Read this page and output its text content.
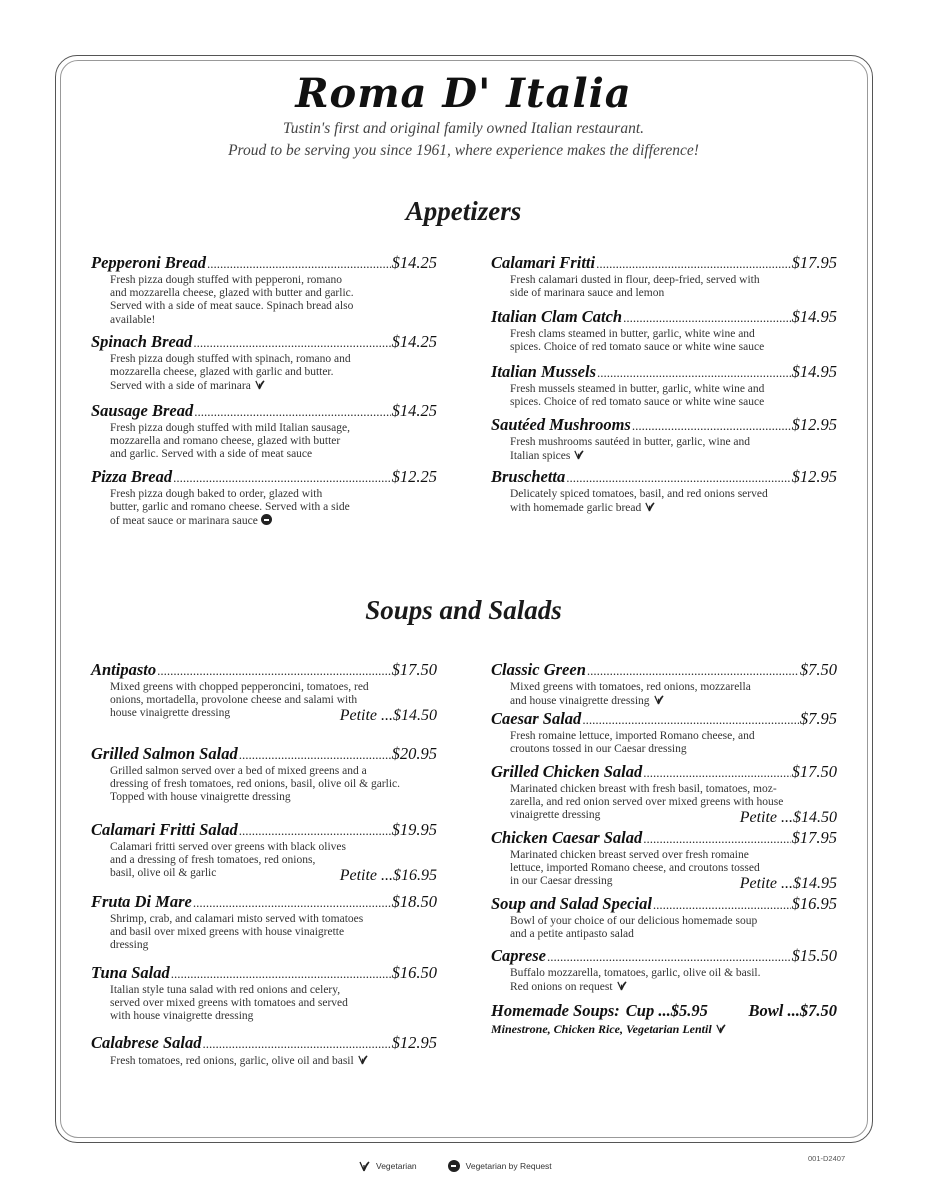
Roma D' Italia
Tustin's first and original family owned Italian restaurant.
Proud to be serving you since 1961, where experience makes the difference!
Appetizers
Pepperoni Bread .....	$14.25
Fresh pizza dough stuffed with pepperoni, romano
and mozzarella cheese, glazed with butter and garlic.
Served with a side of meat sauce. Spinach bread also
available!
Spinach Bread .....	$14.25
Fresh pizza dough stuffed with spinach, romano and
mozzarella cheese, glazed with garlic and butter.
Served with a side of marinara
Sausage Bread .....	$14.25
Fresh pizza dough stuffed with mild Italian sausage,
mozzarella and romano cheese, glazed with butter
and garlic. Served with a side of meat sauce
Pizza Bread .....	$12.25
Fresh pizza dough baked to order, glazed with
butter, garlic and romano cheese. Served with a side
of meat sauce or marinara sauce
Calamari Fritti .....	$17.95
Fresh calamari dusted in flour, deep-fried, served with
side of marinara sauce and lemon
Italian Clam Catch .....	$14.95
Fresh clams steamed in butter, garlic, white wine and
spices. Choice of red tomato sauce or white wine sauce
Italian Mussels .....	$14.95
Fresh mussels steamed in butter, garlic, white wine and
spices. Choice of red tomato sauce or white wine sauce
Sautéed Mushrooms .....	$12.95
Fresh mushrooms sautéed in butter, garlic, wine and
Italian spices
Bruschetta .....	$12.95
Delicately spiced tomatoes, basil, and red onions served
with homemade garlic bread
Soups and Salads
Antipasto .....	$17.50
Mixed greens with chopped pepperoncini, tomatoes, red
onions, mortadella, provolone cheese and salami with
house vinaigrette dressing	Petite ...$14.50
Grilled Salmon Salad .....	$20.95
Grilled salmon served over a bed of mixed greens and a
dressing of fresh tomatoes, red onions, basil, olive oil & garlic.
Topped with house vinaigrette dressing
Calamari Fritti Salad .....	$19.95
Calamari fritti served over greens with black olives
and a dressing of fresh tomatoes, red onions,
basil, olive oil & garlic	Petite ...$16.95
Fruta Di Mare .....	$18.50
Shrimp, crab, and calamari misto served with tomatoes
and basil over mixed greens with house vinaigrette
dressing
Tuna Salad .....	$16.50
Italian style tuna salad with red onions and celery,
served over mixed greens with tomatoes and served
with house vinaigrette dressing
Calabrese Salad .....	$12.95
Fresh tomatoes, red onions, garlic, olive oil and basil
Classic Green .....	$7.50
Mixed greens with tomatoes, red onions, mozzarella
and house vinaigrette dressing
Caesar Salad .....	$7.95
Fresh romaine lettuce, imported Romano cheese, and
croutons tossed in our Caesar dressing
Grilled Chicken Salad .....	$17.50
Marinated chicken breast with fresh basil, tomatoes, moz-
zarella, and red onion served over mixed greens with house
vinaigrette dressing	Petite ...$14.50
Chicken Caesar Salad .....	$17.95
Marinated chicken breast served over fresh romaine
lettuce, imported Romano cheese, and croutons tossed
in our Caesar dressing	Petite ...$14.95
Soup and Salad Special .....	$16.95
Bowl of your choice of our delicious homemade soup
and a petite antipasto salad
Caprese .....	$15.50
Buffalo mozzarella, tomatoes, garlic, olive oil & basil.
Red onions on request
Homemade Soups: Cup ...$5.95 Bowl ...$7.50
Minestrone, Chicken Rice, Vegetarian Lentil
Vegetarian	Vegetarian by Request
001-D2407
